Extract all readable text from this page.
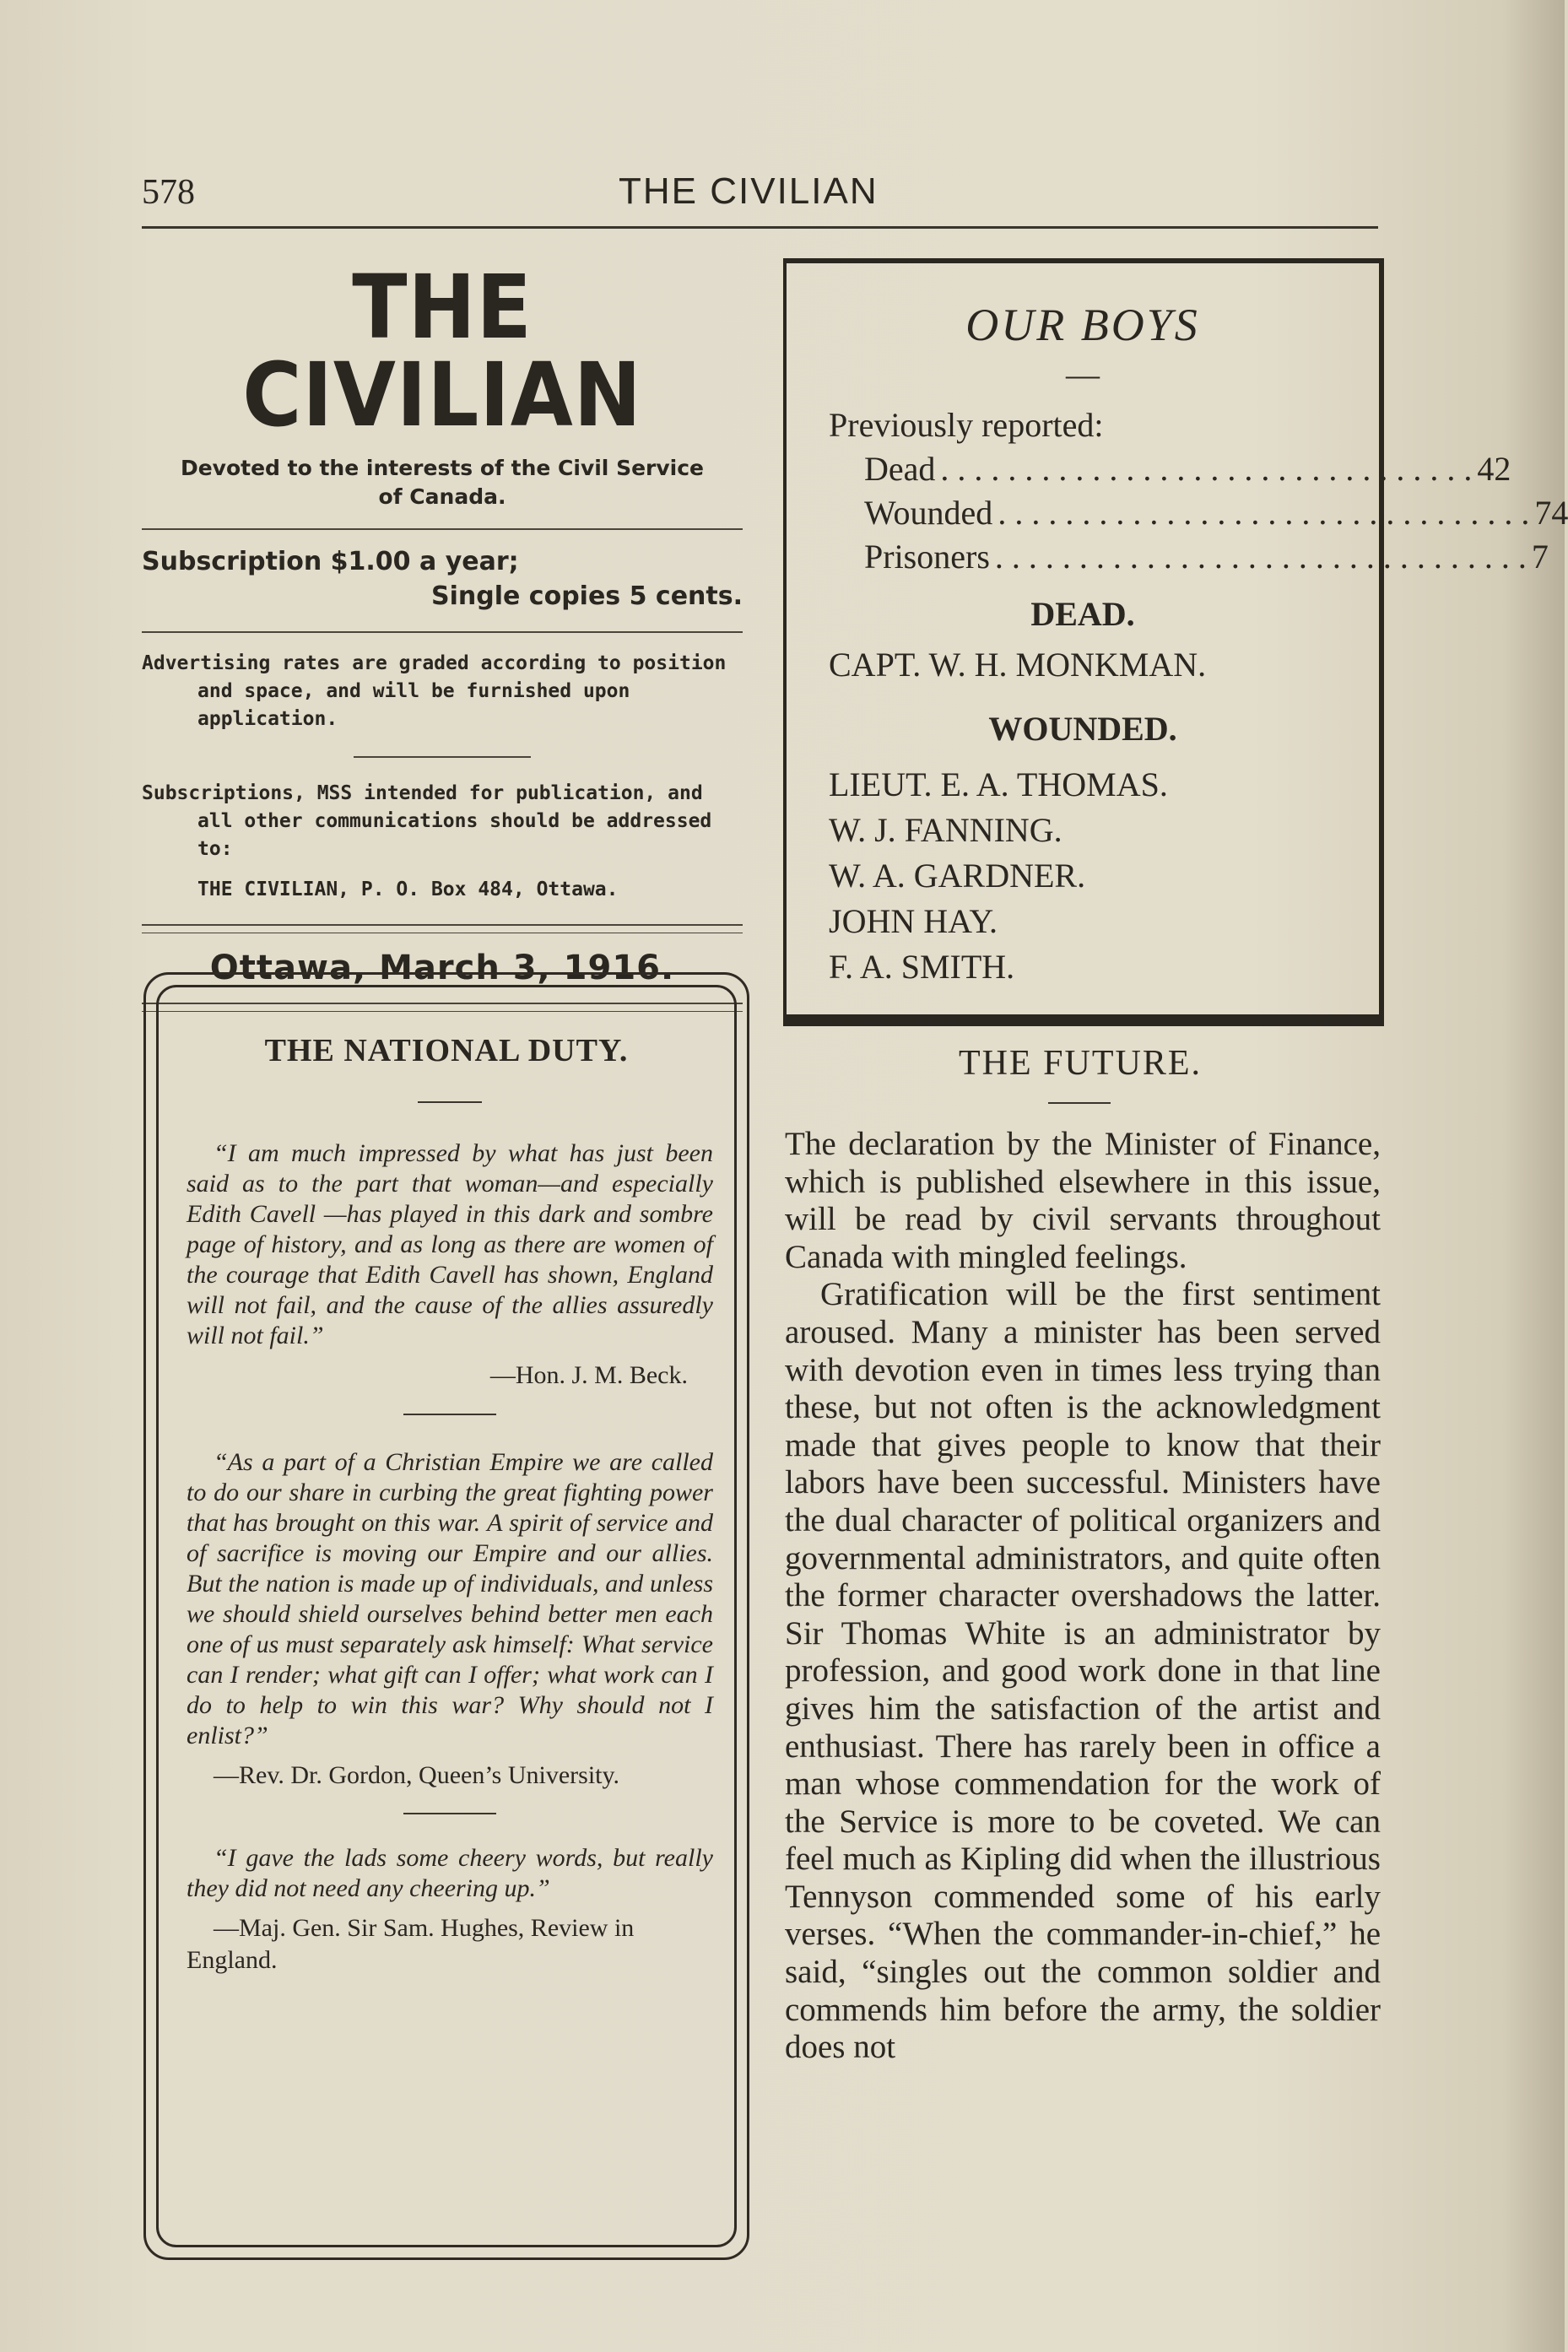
578	THE CIVILIAN
THE CIVILIAN
Devoted to the interests of the Civil Service
of Canada.
Subscription $1.00 a year;
Single copies 5 cents.
Advertising rates are graded according to position and space, and will be furnished upon application.
Subscriptions, MSS intended for publication, and all other communications should be addressed to:
THE CIVILIAN, P. O. Box 484, Ottawa.
Ottawa, March 3, 1916.
THE NATIONAL DUTY.
“I am much impressed by what has just been said as to the part that woman—and especially Edith Cavell —has played in this dark and sombre page of history, and as long as there are women of the courage that Edith Cavell has shown, England will not fail, and the cause of the allies assuredly will not fail.”
—Hon. J. M. Beck.
“As a part of a Christian Empire we are called to do our share in curbing the great fighting power that has brought on this war. A spirit of service and of sacrifice is moving our Empire and our allies. But the nation is made up of individuals, and unless we should shield ourselves behind better men each one of us must separately ask himself: What service can I render; what gift can I offer; what work can I do to help to win this war? Why should not I enlist?”
—Rev. Dr. Gordon, Queen’s University.
“I gave the lads some cheery words, but really they did not need any cheering up.”
—Maj. Gen. Sir Sam. Hughes, Review in England.
OUR BOYS
—
Previously reported:
Dead . . . . . . . . . . . . . . . . . . . . . . . . . . . . . . . . 42
Wounded . . . . . . . . . . . . . . . . . . . . . . . . . . . . . . . . 74
Prisoners . . . . . . . . . . . . . . . . . . . . . . . . . . . . . . . . 7
DEAD.
CAPT. W. H. MONKMAN.
WOUNDED.
LIEUT. E. A. THOMAS.
W. J. FANNING.
W. A. GARDNER.
JOHN HAY.
F. A. SMITH.
THE FUTURE.

The declaration by the Minister of Finance, which is published elsewhere in this issue, will be read by civil servants throughout Canada with mingled feelings.

Gratification will be the first sentiment aroused. Many a minister has been served with devotion even in times less trying than these, but not often is the acknowledgment made that gives people to know that their labors have been successful. Ministers have the dual character of political organizers and governmental administrators, and quite often the former character overshadows the latter. Sir Thomas White is an administrator by profession, and good work done in that line gives him the satisfaction of the artist and enthusiast. There has rarely been in office a man whose commendation for the work of the Service is more to be coveted. We can feel much as Kipling did when the illustrious Tennyson commended some of his early verses. “When the commander-in-chief,” he said, “singles out the common soldier and commends him before the army, the soldier does not
